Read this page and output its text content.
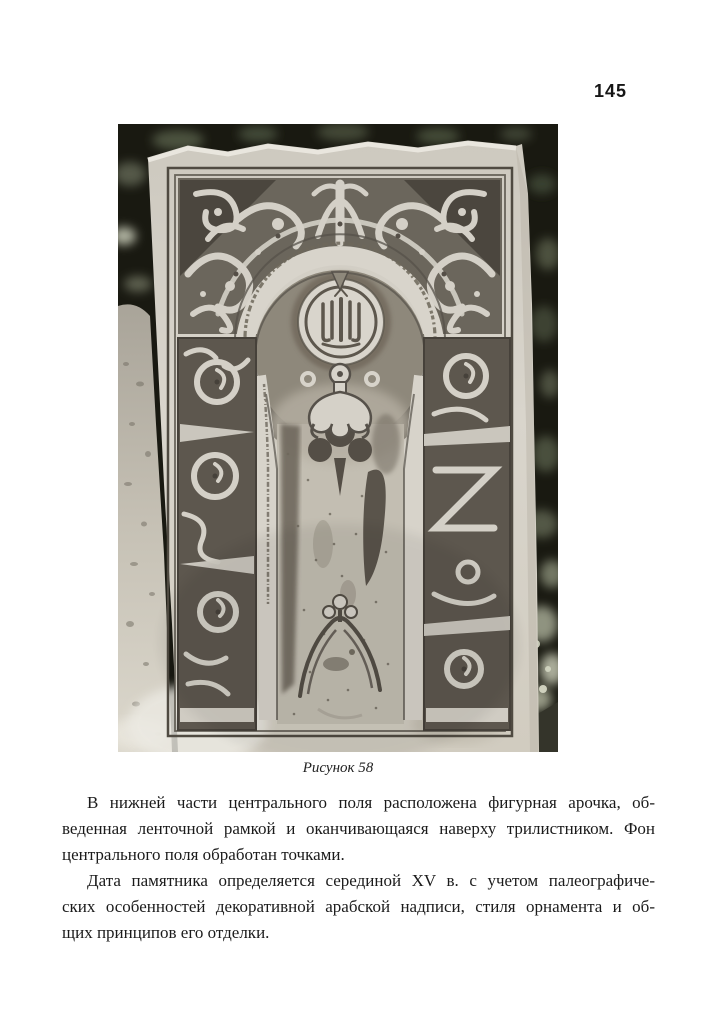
145
Рисунок 58
В нижней части центрального поля расположена фигурная арочка, об-
веденная ленточной рамкой и оканчивающаяся наверху трилистником. Фон
центрального поля обработан точками.
Дата памятника определяется серединой XV в. с учетом палеографиче-
ских особенностей декоративной арабской надписи, стиля орнамента и об-
щих принципов его отделки.
